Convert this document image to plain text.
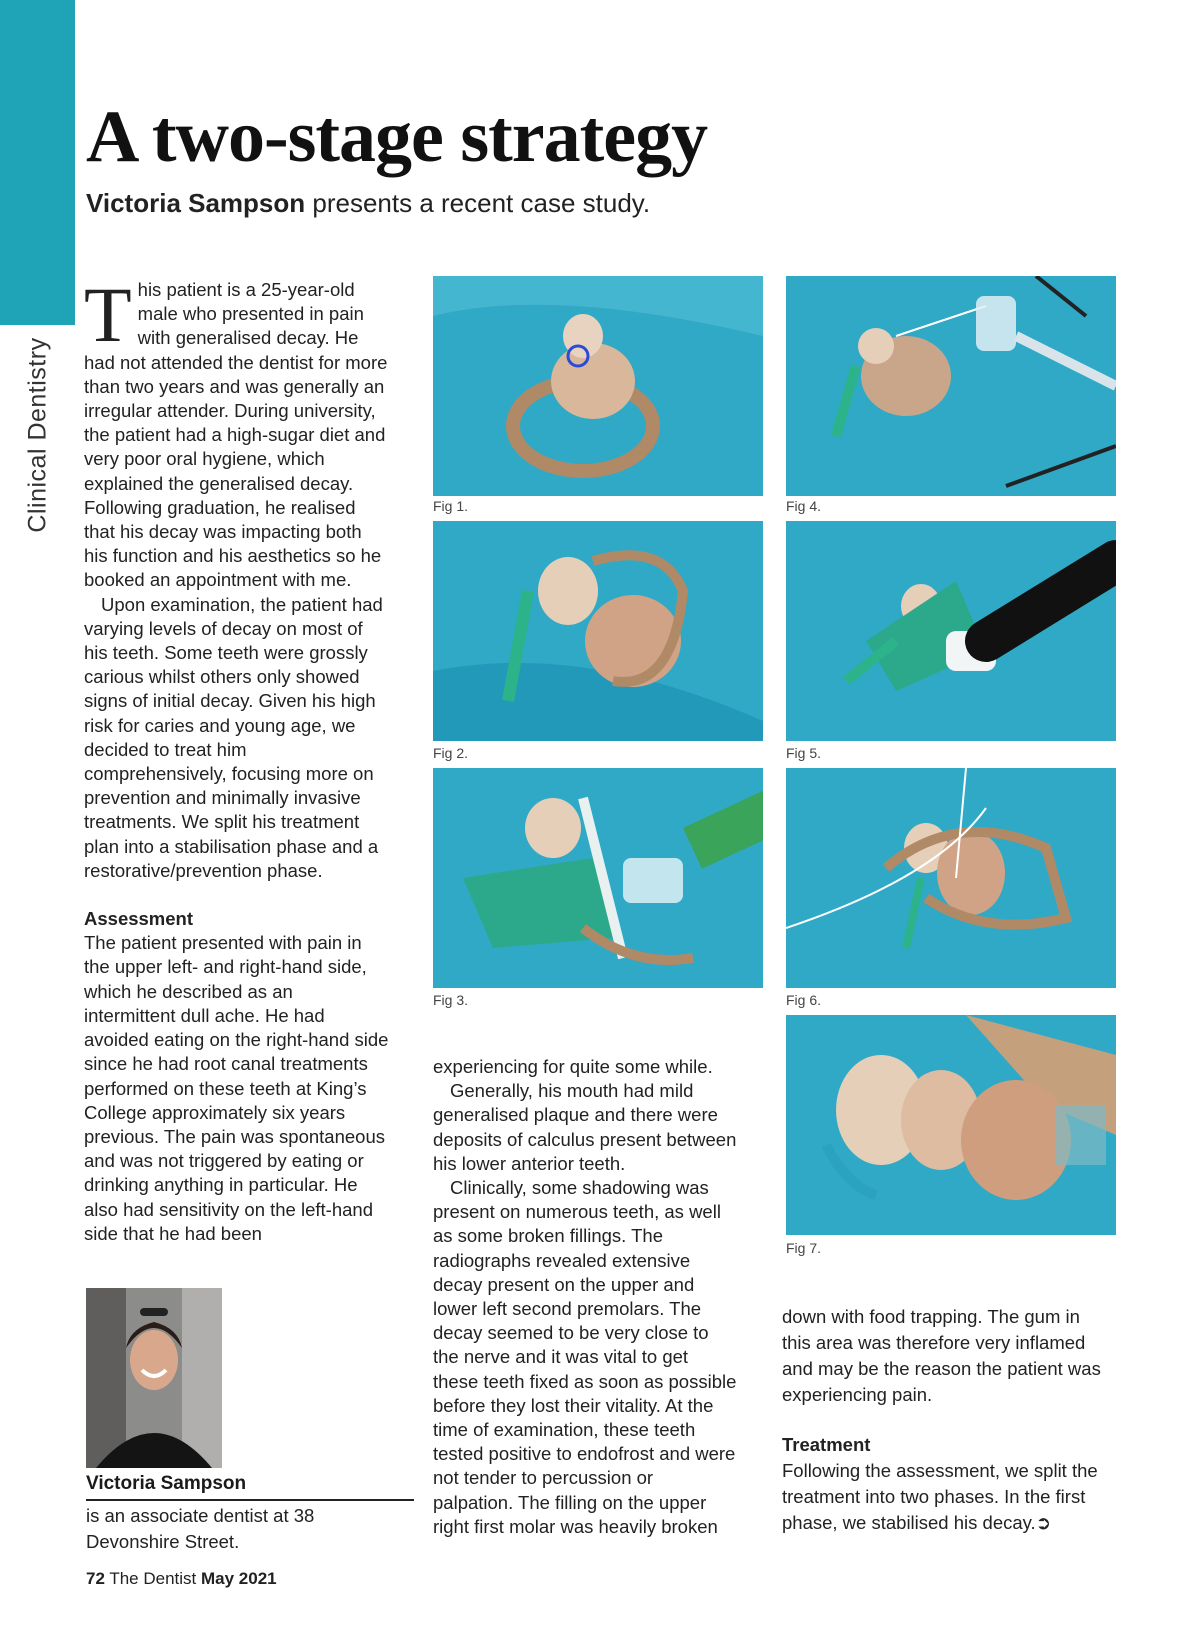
Clinical Dentistry
A two-stage strategy
Victoria Sampson presents a recent case study.

This patient is a 25-year-old male who presented in pain with generalised decay. He had not attended the dentist for more than two years and was generally an irregular attender. During university, the patient had a high-sugar diet and very poor oral hygiene, which explained the generalised decay. Following graduation, he realised that his decay was impacting both his function and his aesthetics so he booked an appointment with me.

Upon examination, the patient had varying levels of decay on most of his teeth. Some teeth were grossly carious whilst others only showed signs of initial decay. Given his high risk for caries and young age, we decided to treat him comprehensively, focusing more on prevention and minimally invasive treatments. We split his treatment plan into a stabilisation phase and a restorative/prevention phase.

Assessment

The patient presented with pain in the upper left- and right-hand side, which he described as an intermittent dull ache. He had avoided eating on the right-hand side since he had root canal treatments performed on these teeth at King’s College approximately six years previous. The pain was spontaneous and was not triggered by eating or drinking anything in particular. He also had sensitivity on the left-hand side that he had been

experiencing for quite some while.

Generally, his mouth had mild generalised plaque and there were deposits of calculus present between his lower anterior teeth.

Clinically, some shadowing was present on numerous teeth, as well as some broken fillings. The radiographs revealed extensive decay present on the upper and lower left second premolars. The decay seemed to be very close to the nerve and it was vital to get these teeth fixed as soon as possible before they lost their vitality. At the time of examination, these teeth tested positive to endofrost and were not tender to percussion or palpation. The filling on the upper right first molar was heavily broken

down with food trapping. The gum in this area was therefore very inflamed and may be the reason the patient was experiencing pain.

Treatment

Following the assessment, we split the treatment into two phases. In the first phase, we stabilised his decay.➲

Fig 1.
Fig 2.
Fig 3.
Fig 4.
Fig 5.
Fig 6.
Fig 7.
Victoria Sampson
is an associate dentist at 38 Devonshire Street.
72 The Dentist May 2021
